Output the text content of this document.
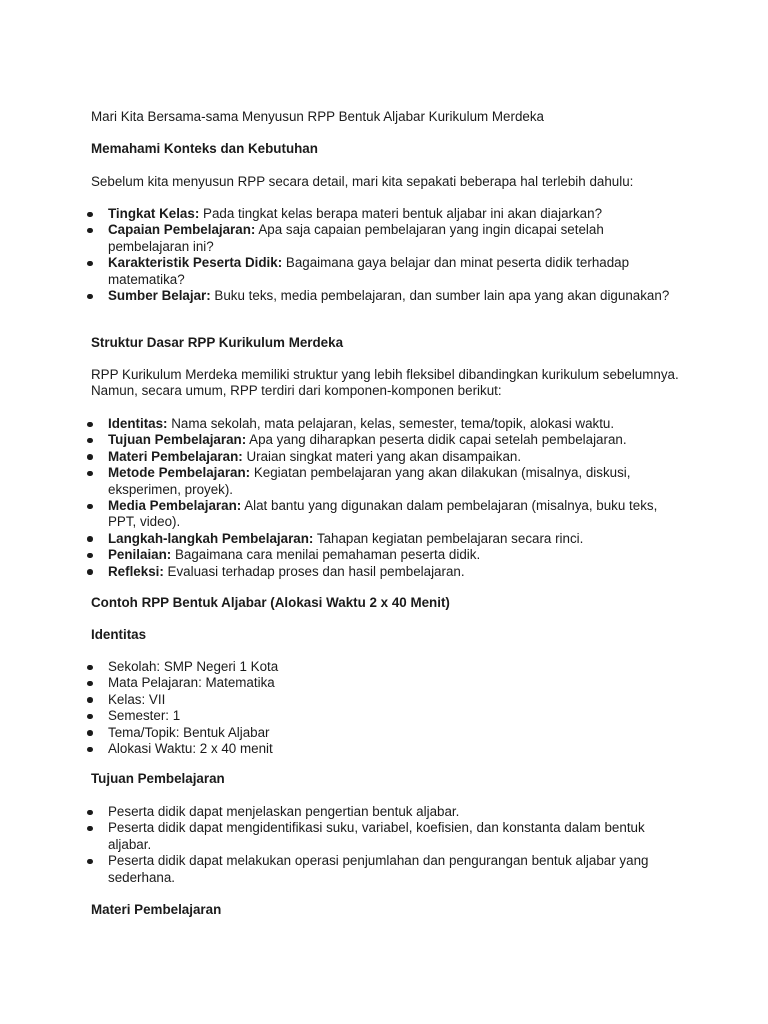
Mari Kita Bersama-sama Menyusun RPP Bentuk Aljabar Kurikulum Merdeka
Memahami Konteks dan Kebutuhan

Sebelum kita menyusun RPP secara detail, mari kita sepakati beberapa hal terlebih dahulu:

Tingkat Kelas: Pada tingkat kelas berapa materi bentuk aljabar ini akan diajarkan?
Capaian Pembelajaran: Apa saja capaian pembelajaran yang ingin dicapai setelah pembelajaran ini?
Karakteristik Peserta Didik: Bagaimana gaya belajar dan minat peserta didik terhadap matematika?
Sumber Belajar: Buku teks, media pembelajaran, dan sumber lain apa yang akan digunakan?
Struktur Dasar RPP Kurikulum Merdeka

RPP Kurikulum Merdeka memiliki struktur yang lebih fleksibel dibandingkan kurikulum sebelumnya. Namun, secara umum, RPP terdiri dari komponen-komponen berikut:

Identitas: Nama sekolah, mata pelajaran, kelas, semester, tema/topik, alokasi waktu.
Tujuan Pembelajaran: Apa yang diharapkan peserta didik capai setelah pembelajaran.
Materi Pembelajaran: Uraian singkat materi yang akan disampaikan.
Metode Pembelajaran: Kegiatan pembelajaran yang akan dilakukan (misalnya, diskusi, eksperimen, proyek).
Media Pembelajaran: Alat bantu yang digunakan dalam pembelajaran (misalnya, buku teks, PPT, video).
Langkah-langkah Pembelajaran: Tahapan kegiatan pembelajaran secara rinci.
Penilaian: Bagaimana cara menilai pemahaman peserta didik.
Refleksi: Evaluasi terhadap proses dan hasil pembelajaran.
Contoh RPP Bentuk Aljabar (Alokasi Waktu 2 x 40 Menit)
Identitas
Sekolah: SMP Negeri 1 Kota
Mata Pelajaran: Matematika
Kelas: VII
Semester: 1
Tema/Topik: Bentuk Aljabar
Alokasi Waktu: 2 x 40 menit
Tujuan Pembelajaran
Peserta didik dapat menjelaskan pengertian bentuk aljabar.
Peserta didik dapat mengidentifikasi suku, variabel, koefisien, dan konstanta dalam bentuk aljabar.
Peserta didik dapat melakukan operasi penjumlahan dan pengurangan bentuk aljabar yang sederhana.
Materi Pembelajaran
